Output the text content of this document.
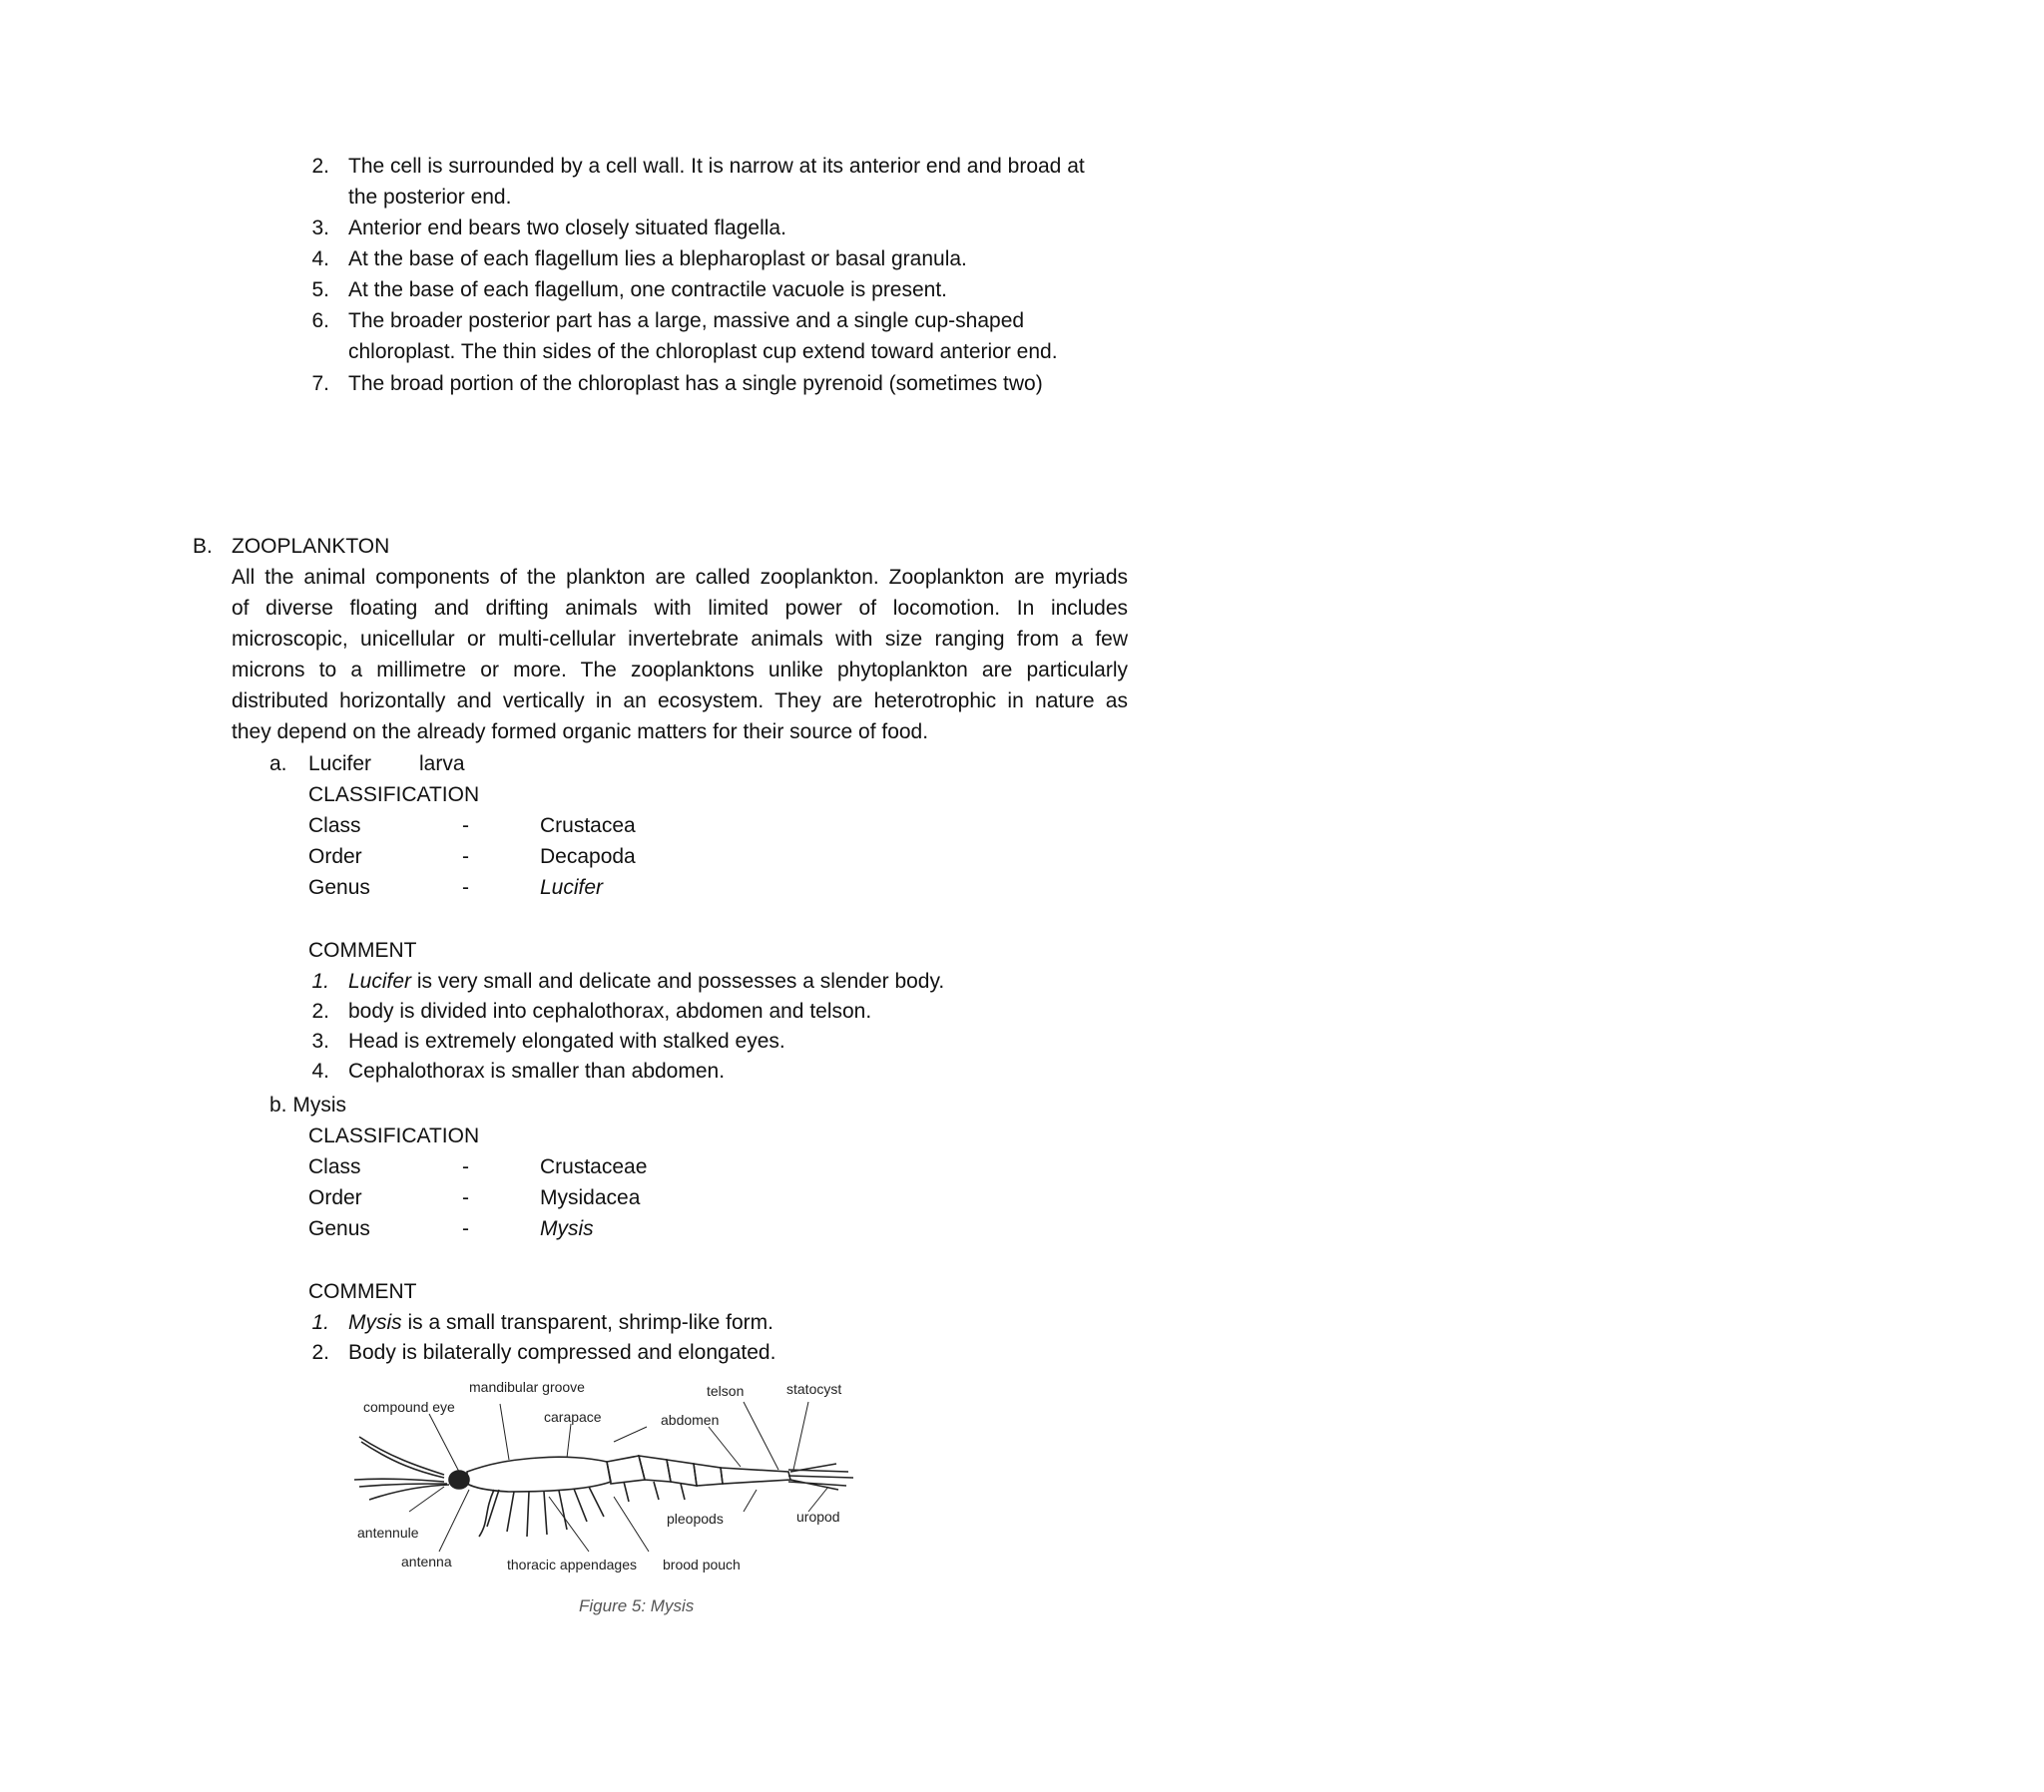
2. The cell is surrounded by a cell wall. It is narrow at its anterior end and broad at
the posterior end.
3. Anterior end bears two closely situated flagella.
4. At the base of each flagellum lies a blepharoplast or basal granula.
5. At the base of each flagellum, one contractile vacuole is present.
6. The broader posterior part has a large, massive and a single cup-shaped
chloroplast. The thin sides of the chloroplast cup extend toward anterior end.
7. The broad portion of the chloroplast has a single pyrenoid (sometimes two)
B. ZOOPLANKTON
All the animal components of the plankton are called zooplankton. Zooplankton are myriads
of diverse floating and drifting animals with limited power of locomotion. In includes
microscopic, unicellular or multi-cellular invertebrate animals with size ranging from a few
microns to a millimetre or more. The zooplanktons unlike phytoplankton are particularly
distributed horizontally and vertically in an ecosystem. They are heterotrophic in nature as
they depend on the already formed organic matters for their source of food.
a. Lucifer larva
CLASSIFICATION
Class	-	Crustacea
Order	-	Decapoda
Genus	-	Lucifer
COMMENT
1. Lucifer is very small and delicate and possesses a slender body.
2. body is divided into cephalothorax, abdomen and telson.
3. Head is extremely elongated with stalked eyes.
4. Cephalothorax is smaller than abdomen.
b. Mysis
CLASSIFICATION
Class	-	Crustaceae
Order	-	Mysidacea
Genus	-	Mysis
COMMENT
1. Mysis is a small transparent, shrimp-like form.
2. Body is bilaterally compressed and elongated.
mandibular groove	telson	statocyst
compound eye
carapace	abdomen
pleopods	uropod
antennule
antenna	thoracic appendages brood pouch
Figure 5: Mysis
